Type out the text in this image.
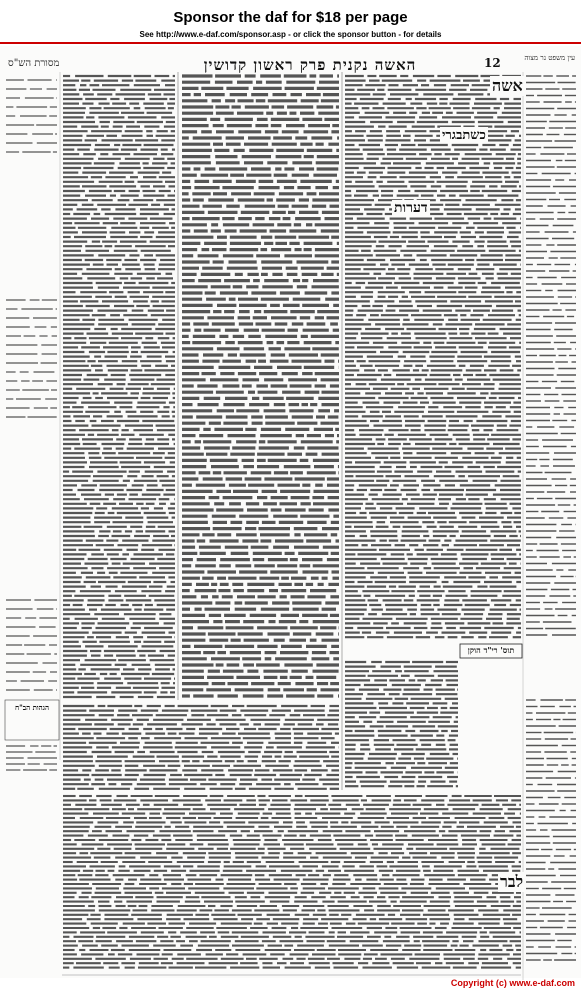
Sponsor the daf for $18 per page
See http://www.e-daf.com/sponsor.asp - or click the sponsor button - for details
מסורת הש"ס	האשה נקנית פרק ראשון קדושין	12	עין משפט נר מצוה
תוס' רי"ד הוקן
הגהות הב"ח
אשה
כשתבגרי
דערות
לבר
Copyright (c) www.e-daf.com
